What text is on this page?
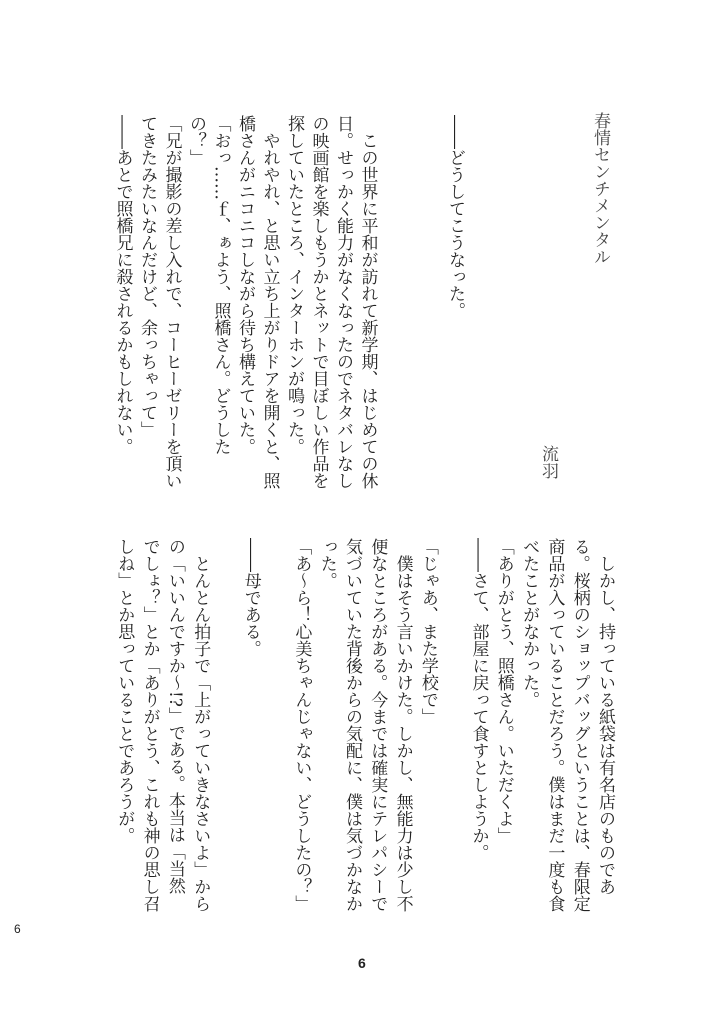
春情センチメンタル
流羽
――どうしてこうなった。
　この世界に平和が訪れて新学期、はじめての休
日。せっかく能力がなくなったのでネタバレなし
の映画館を楽しもうかとネットで目ぼしい作品を
探していたところ、インターホンが鳴った。
　やれやれ、と思い立ち上がりドアを開くと、照
橋さんがニコニコしながら待ち構えていた。
「おっ……ｆ、ぁよう、照橋さん。どうした
の？」
「兄が撮影の差し入れで、コーヒーゼリーを頂い
てきたみたいなんだけど、余っちゃって」
――あとで照橋兄に殺されるかもしれない。
　しかし、持っている紙袋は有名店のものであ
る。桜柄のショップバッグということは、春限定
商品が入っていることだろう。僕はまだ一度も食
べたことがなかった。
「ありがとう、照橋さん。いただくよ」
――さて、部屋に戻って食すとしようか。
「じゃあ、また学校で」
　僕はそう言いかけた。しかし、無能力は少し不
便なところがある。今までは確実にテレパシーで
気づいていた背後からの気配に、僕は気づかなか
った。
「あ～ら！心美ちゃんじゃない、どうしたの？」
――母である。
　とんとん拍子で「上がっていきなさいよ」から
の「いいんですか～!?」である。本当は「当然
でしょ？」とか「ありがとう、これも神の思し召
しね」とか思っていることであろうが。
6
6
